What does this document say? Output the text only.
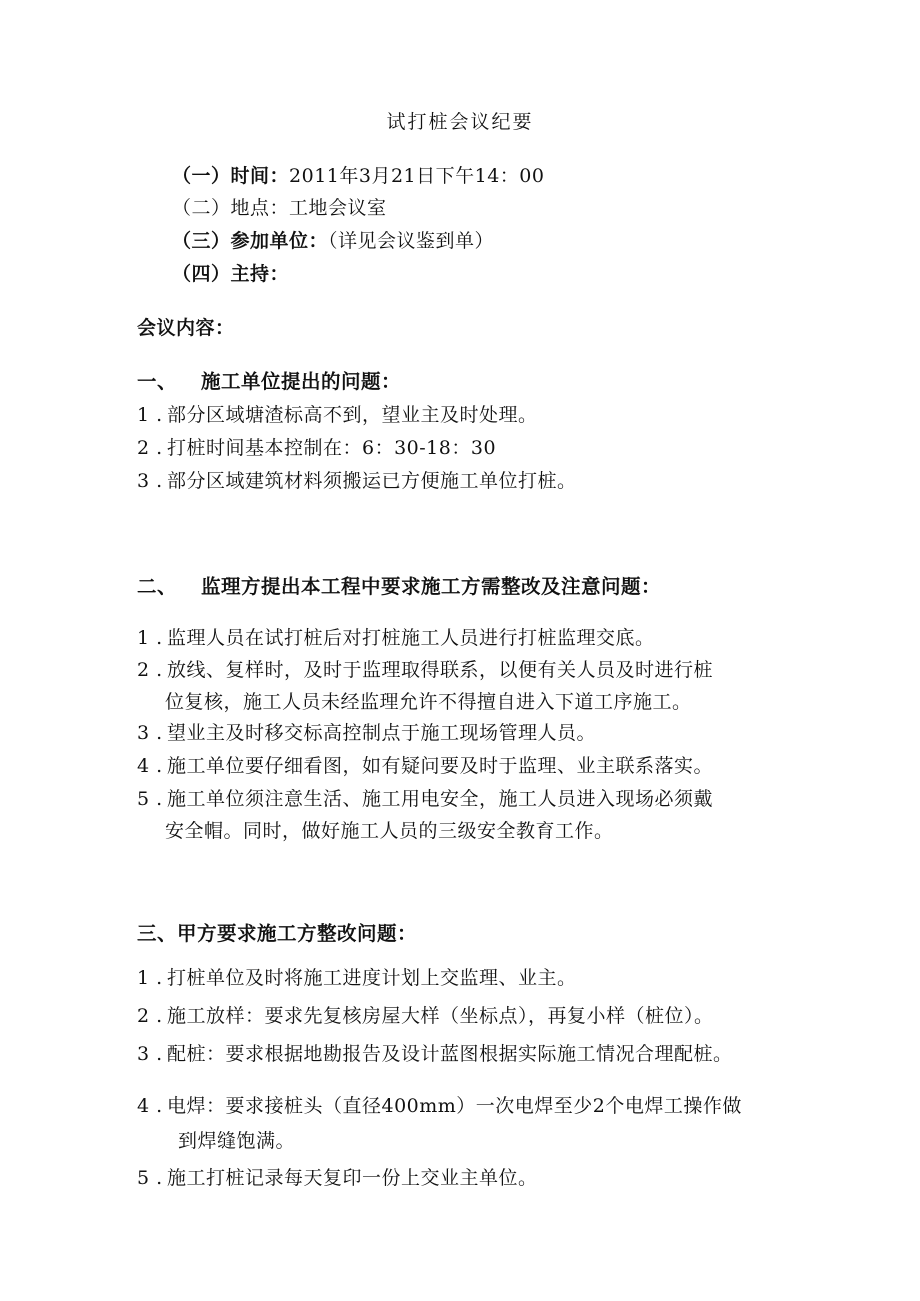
试打桩会议纪要
（一）时间：2011年3月21日下午14：00
（二）地点：工地会议室
（三）参加单位：（详见会议鉴到单）
（四）主持：
会议内容：
一、 施工单位提出的问题：
1 . 部分区域塘渣标高不到，望业主及时处理。
2 . 打桩时间基本控制在：6：30-18：30
3 . 部分区域建筑材料须搬运已方便施工单位打桩。
二、 监理方提出本工程中要求施工方需整改及注意问题：
1 . 监理人员在试打桩后对打桩施工人员进行打桩监理交底。
2 . 放线、复样时，及时于监理取得联系，以便有关人员及时进行桩
位复核，施工人员未经监理允许不得擅自进入下道工序施工。
3 . 望业主及时移交标高控制点于施工现场管理人员。
4 . 施工单位要仔细看图，如有疑问要及时于监理、业主联系落实。
5 . 施工单位须注意生活、施工用电安全，施工人员进入现场必须戴
安全帽。同时，做好施工人员的三级安全教育工作。
三、甲方要求施工方整改问题：
1 . 打桩单位及时将施工进度计划上交监理、业主。
2 . 施工放样：要求先复核房屋大样（坐标点），再复小样（桩位）。
3 . 配桩：要求根据地勘报告及设计蓝图根据实际施工情况合理配桩。
4 . 电焊：要求接桩头（直径400mm）一次电焊至少2个电焊工操作做
到焊缝饱满。
5 . 施工打桩记录每天复印一份上交业主单位。
